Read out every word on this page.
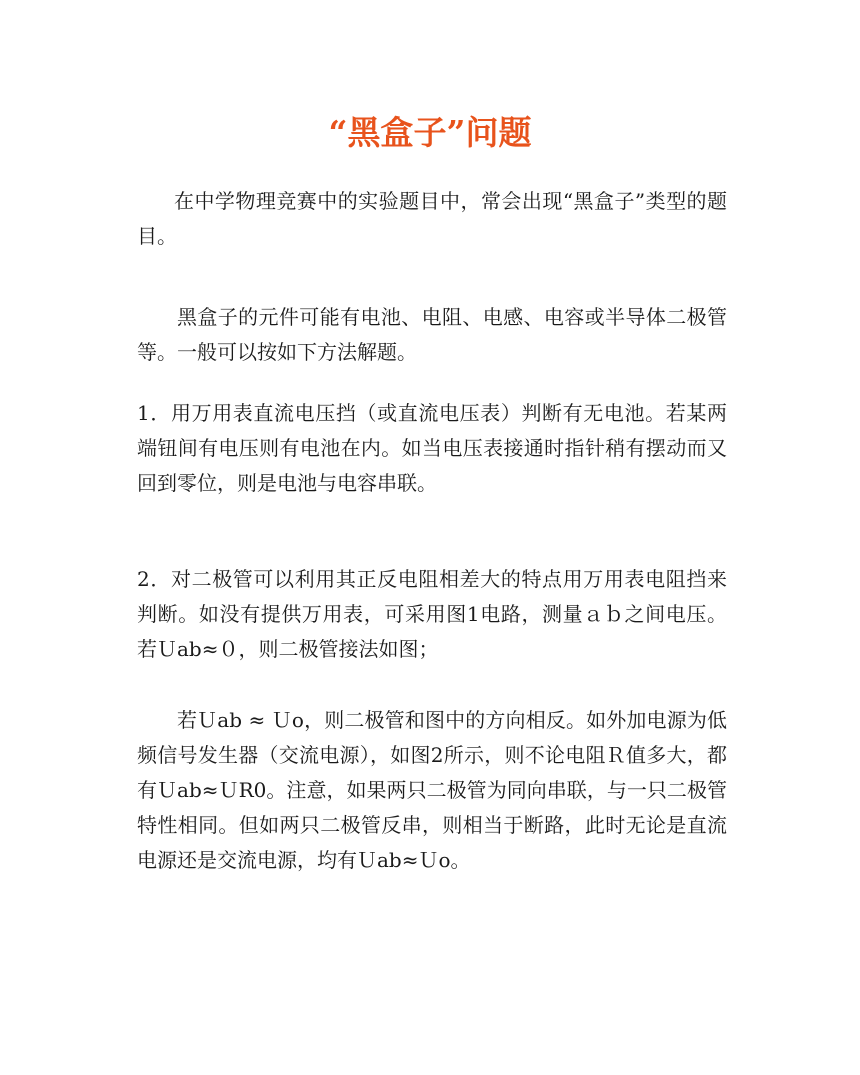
“黑盒子”问题

在中学物理竞赛中的实验题目中，常会出现“黑盒子”类型的题目。

黑盒子的元件可能有电池、电阻、电感、电容或半导体二极管等。一般可以按如下方法解题。

1．用万用表直流电压挡（或直流电压表）判断有无电池。若某两端钮间有电压则有电池在内。如当电压表接通时指针稍有摆动而又回到零位，则是电池与电容串联。

2．对二极管可以利用其正反电阻相差大的特点用万用表电阻挡来判断。如没有提供万用表，可采用图1电路，测量ａｂ之间电压。若Ｕab≈０，则二极管接法如图；

若Ｕab ≈ Ｕo，则二极管和图中的方向相反。如外加电源为低频信号发生器（交流电源），如图2所示，则不论电阻Ｒ值多大，都有Ｕab≈ＵR0。注意，如果两只二极管为同向串联，与一只二极管特性相同。但如两只二极管反串，则相当于断路，此时无论是直流电源还是交流电源，均有Ｕab≈Ｕo。
